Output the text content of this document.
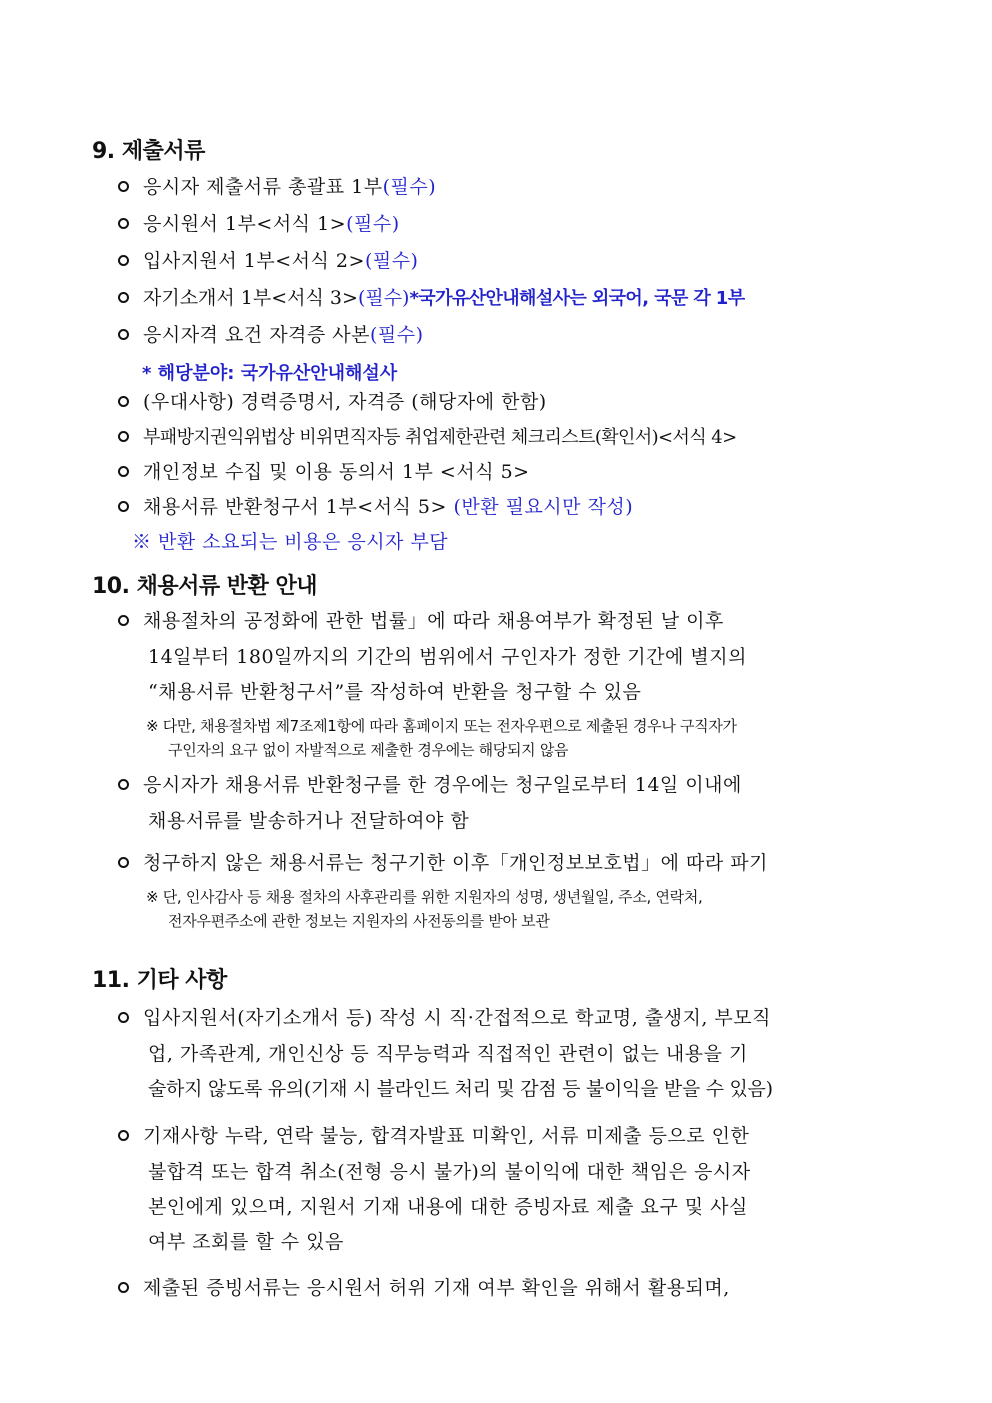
9. 제출서류
응시자 제출서류 총괄표 1부(필수)
응시원서 1부<서식 1>(필수)
입사지원서 1부<서식 2>(필수)
자기소개서 1부<서식 3>(필수)*국가유산안내해설사는 외국어, 국문 각 1부
응시자격 요건 자격증 사본(필수)
* 해당분야: 국가유산안내해설사
(우대사항) 경력증명서, 자격증 (해당자에 한함)
부패방지권익위법상 비위면직자등 취업제한관련 체크리스트(확인서)<서식 4>
개인정보 수집 및 이용 동의서 1부 <서식 5>
채용서류 반환청구서 1부<서식 5> (반환 필요시만 작성)
※ 반환 소요되는 비용은 응시자 부담
10. 채용서류 반환 안내
채용절차의 공정화에 관한 법률」에 따라 채용여부가 확정된 날 이후
14일부터 180일까지의 기간의 범위에서 구인자가 정한 기간에 별지의
“채용서류 반환청구서”를 작성하여 반환을 청구할 수 있음
※ 다만, 채용절차법 제7조제1항에 따라 홈페이지 또는 전자우편으로 제출된 경우나 구직자가
구인자의 요구 없이 자발적으로 제출한 경우에는 해당되지 않음
응시자가 채용서류 반환청구를 한 경우에는 청구일로부터 14일 이내에
채용서류를 발송하거나 전달하여야 함
청구하지 않은 채용서류는 청구기한 이후「개인정보보호법」에 따라 파기
※ 단, 인사감사 등 채용 절차의 사후관리를 위한 지원자의 성명, 생년월일, 주소, 연락처,
전자우편주소에 관한 정보는 지원자의 사전동의를 받아 보관
11. 기타 사항
입사지원서(자기소개서 등) 작성 시 직·간접적으로 학교명, 출생지, 부모직
업, 가족관계, 개인신상 등 직무능력과 직접적인 관련이 없는 내용을 기
술하지 않도록 유의(기재 시 블라인드 처리 및 감점 등 불이익을 받을 수 있음)
기재사항 누락, 연락 불능, 합격자발표 미확인, 서류 미제출 등으로 인한
불합격 또는 합격 취소(전형 응시 불가)의 불이익에 대한 책임은 응시자
본인에게 있으며, 지원서 기재 내용에 대한 증빙자료 제출 요구 및 사실
여부 조회를 할 수 있음
제출된 증빙서류는 응시원서 허위 기재 여부 확인을 위해서 활용되며,
